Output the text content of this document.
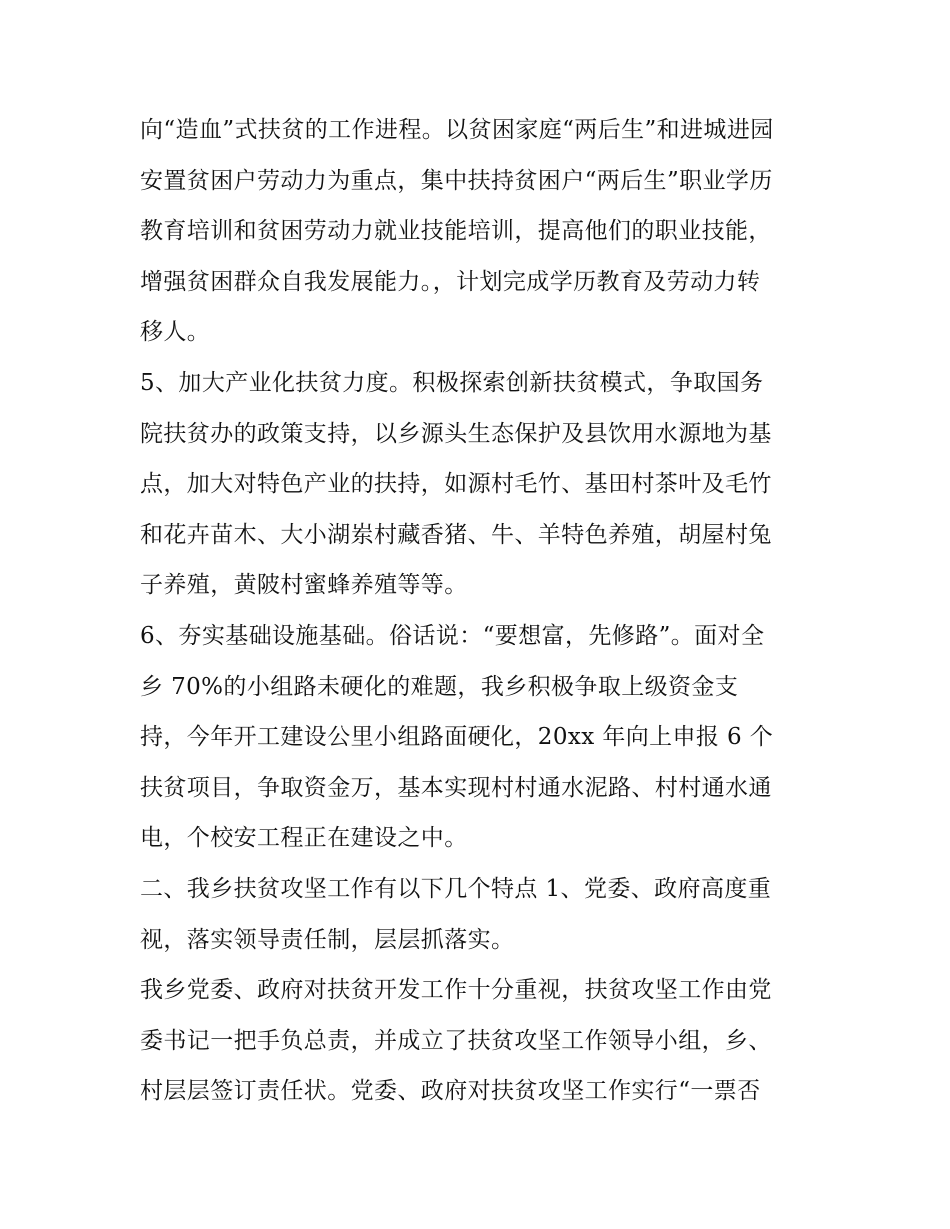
向“造血”式扶贫的工作进程。以贫困家庭“两后生”和进城进园
安置贫困户劳动力为重点，集中扶持贫困户“两后生”职业学历
教育培训和贫困劳动力就业技能培训，提高他们的职业技能，
增强贫困群众自我发展能力。，计划完成学历教育及劳动力转
移人。
5、加大产业化扶贫力度。积极探索创新扶贫模式，争取国务
院扶贫办的政策支持，以乡源头生态保护及县饮用水源地为基
点，加大对特色产业的扶持，如源村毛竹、基田村茶叶及毛竹
和花卉苗木、大小湖岽村藏香猪、牛、羊特色养殖，胡屋村兔
子养殖，黄陂村蜜蜂养殖等等。
6、夯实基础设施基础。俗话说：“要想富，先修路”。面对全
乡 70%的小组路未硬化的难题，我乡积极争取上级资金支
持，今年开工建设公里小组路面硬化，20xx 年向上申报 6 个
扶贫项目，争取资金万，基本实现村村通水泥路、村村通水通
电，个校安工程正在建设之中。
二、我乡扶贫攻坚工作有以下几个特点 1、党委、政府高度重
视，落实领导责任制，层层抓落实。
我乡党委、政府对扶贫开发工作十分重视，扶贫攻坚工作由党
委书记一把手负总责，并成立了扶贫攻坚工作领导小组，乡、
村层层签订责任状。党委、政府对扶贫攻坚工作实行“一票否
